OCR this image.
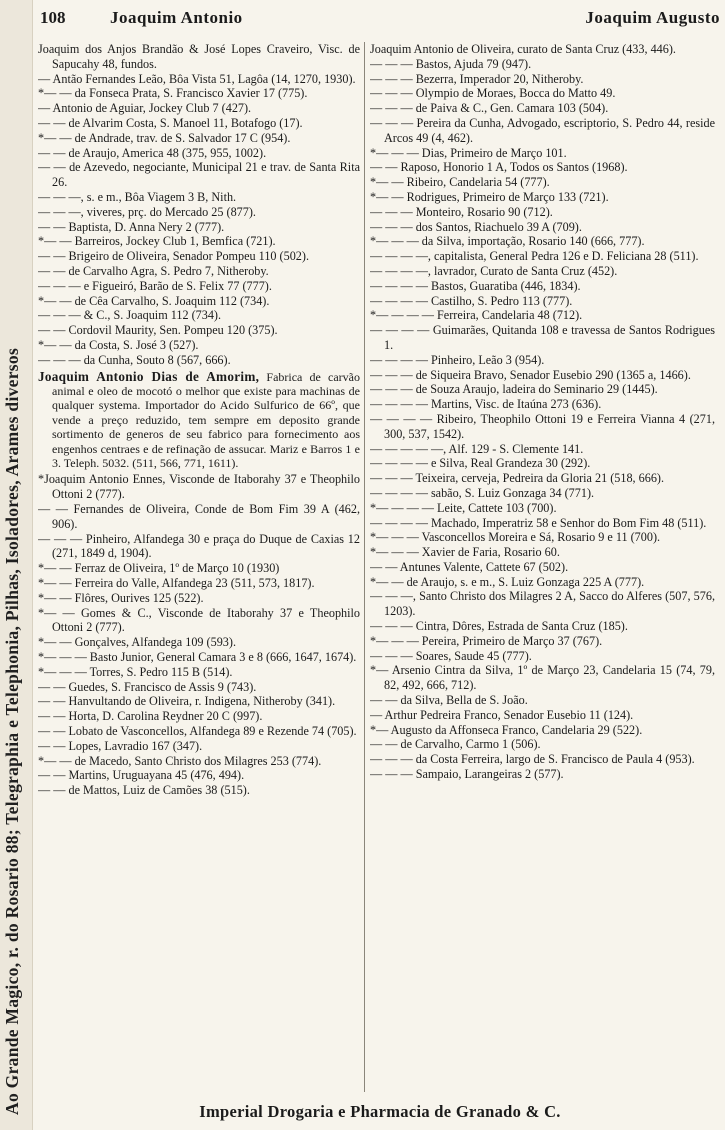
Ao Grande Magico, r. do Rosario 88; Telegraphia e Telephonia, Pilhas, Isoladores, Arames diversos
108	Joaquim Antonio	Joaquim Augusto

Joaquim dos Anjos Brandão & José Lopes Craveiro, Visc. de Sapucahy 48, fundos.

— Antão Fernandes Leão, Bôa Vista 51, Lagôa (14, 1270, 1930).

*— — da Fonseca Prata, S. Francisco Xavier 17 (775).

— Antonio de Aguiar, Jockey Club 7 (427).

— — de Alvarim Costa, S. Manoel 11, Botafogo (17).

*— — de Andrade, trav. de S. Salvador 17 C (954).

— — de Araujo, America 48 (375, 955, 1002).

— — de Azevedo, negociante, Municipal 21 e trav. de Santa Rita 26.

— — —, s. e m., Bôa Viagem 3 B, Nith.

— — —, viveres, prç. do Mercado 25 (877).

— — Baptista, D. Anna Nery 2 (777).

*— — Barreiros, Jockey Club 1, Bemfica (721).

— — Brigeiro de Oliveira, Senador Pompeu 110 (502).

— — de Carvalho Agra, S. Pedro 7, Nitheroby.

— — — e Figueiró, Barão de S. Felix 77 (777).

*— — de Cêa Carvalho, S. Joaquim 112 (734).

— — — & C., S. Joaquim 112 (734).

— — Cordovil Maurity, Sen. Pompeu 120 (375).

*— — da Costa, S. José 3 (527).

— — — da Cunha, Souto 8 (567, 666).

Joaquim Antonio Dias de Amorim, Fabrica de carvão animal e oleo de mocotó o melhor que existe para machinas de qualquer systema. Importador do Acido Sulfurico de 66º, que vende a preço reduzido, tem sempre em deposito grande sortimento de generos de seu fabrico para fornecimento aos engenhos centraes e de refinação de assucar. Mariz e Barros 1 e 3. Teleph. 5032. (511, 566, 771, 1611).

*Joaquim Antonio Ennes, Visconde de Itaborahy 37 e Theophilo Ottoni 2 (777).

— — Fernandes de Oliveira, Conde de Bom Fim 39 A (462, 906).

— — — Pinheiro, Alfandega 30 e praça do Duque de Caxias 12 (271, 1849 d, 1904).

*— — Ferraz de Oliveira, 1º de Março 10 (1930)

*— — Ferreira do Valle, Alfandega 23 (511, 573, 1817).

*— — Flôres, Ourives 125 (522).

*— — Gomes & C., Visconde de Itaborahy 37 e Theophilo Ottoni 2 (777).

*— — Gonçalves, Alfandega 109 (593).

*— — — Basto Junior, General Camara 3 e 8 (666, 1647, 1674).

*— — — Torres, S. Pedro 115 B (514).

— — Guedes, S. Francisco de Assis 9 (743).

— — Hanvultando de Oliveira, r. Indigena, Nitheroby (341).

— — Horta, D. Carolina Reydner 20 C (997).

— — Lobato de Vasconcellos, Alfandega 89 e Rezende 74 (705).

— — Lopes, Lavradio 167 (347).

*— — de Macedo, Santo Christo dos Milagres 253 (774).

— — Martins, Uruguayana 45 (476, 494).

— — de Mattos, Luiz de Camões 38 (515).

Joaquim Antonio de Oliveira, curato de Santa Cruz (433, 446).

— — — Bastos, Ajuda 79 (947).

— — — Bezerra, Imperador 20, Nitheroby.

— — — Olympio de Moraes, Bocca do Matto 49.

— — — de Paiva & C., Gen. Camara 103 (504).

— — — Pereira da Cunha, Advogado, escriptorio, S. Pedro 44, reside Arcos 49 (4, 462).

*— — — Dias, Primeiro de Março 101.

— — Raposo, Honorio 1 A, Todos os Santos (1968).

*— — Ribeiro, Candelaria 54 (777).

*— — Rodrigues, Primeiro de Março 133 (721).

— — — Monteiro, Rosario 90 (712).

— — — dos Santos, Riachuelo 39 A (709).

*— — — da Silva, importação, Rosario 140 (666, 777).

— — — —, capitalista, General Pedra 126 e D. Feliciana 28 (511).

— — — —, lavrador, Curato de Santa Cruz (452).

— — — — Bastos, Guaratiba (446, 1834).

— — — — Castilho, S. Pedro 113 (777).

*— — — — Ferreira, Candelaria 48 (712).

— — — — Guimarães, Quitanda 108 e travessa de Santos Rodrigues 1.

— — — — Pinheiro, Leão 3 (954).

— — — de Siqueira Bravo, Senador Eusebio 290 (1365 a, 1466).

— — — de Souza Araujo, ladeira do Seminario 29 (1445).

— — — — Martins, Visc. de Itaúna 273 (636).

— — — — Ribeiro, Theophilo Ottoni 19 e Ferreira Vianna 4 (271, 300, 537, 1542).

— — — — —, Alf. 129 - S. Clemente 141.

— — — — e Silva, Real Grandeza 30 (292).

— — — Teixeira, cerveja, Pedreira da Gloria 21 (518, 666).

— — — — sabão, S. Luiz Gonzaga 34 (771).

*— — — — Leite, Cattete 103 (700).

— — — — Machado, Imperatriz 58 e Senhor do Bom Fim 48 (511).

*— — — Vasconcellos Moreira e Sá, Rosario 9 e 11 (700).

*— — — Xavier de Faria, Rosario 60.

— — Antunes Valente, Cattete 67 (502).

*— — de Araujo, s. e m., S. Luiz Gonzaga 225 A (777).

— — —, Santo Christo dos Milagres 2 A, Sacco do Alferes (507, 576, 1203).

— — — Cintra, Dôres, Estrada de Santa Cruz (185).

*— — — Pereira, Primeiro de Março 37 (767).

— — — Soares, Saude 45 (777).

*— Arsenio Cintra da Silva, 1º de Março 23, Candelaria 15 (74, 79, 82, 492, 666, 712).

— — da Silva, Bella de S. João.

— Arthur Pedreira Franco, Senador Eusebio 11 (124).

*— Augusto da Affonseca Franco, Candelaria 29 (522).

— — de Carvalho, Carmo 1 (506).

— — — da Costa Ferreira, largo de S. Francisco de Paula 4 (953).

— — — Sampaio, Larangeiras 2 (577).

Imperial Drogaria e Pharmacia de Granado & C.
